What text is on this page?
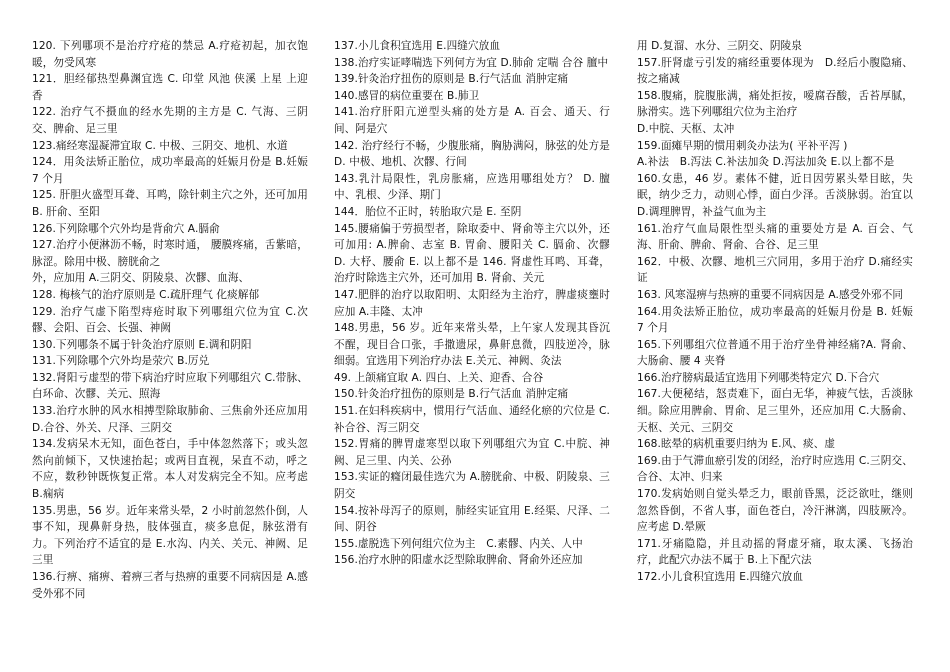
120. 下列哪项不是治疗疗疮的禁忌 A.疗疮初起，加衣饱暖，勿受风寒
121．胆经郁热型鼻渊宜选 C. 印堂 风池 侠溪 上星 上迎香
122. 治疗气不摄血的经水先期的主方是 C. 气海、三阴交、脾俞、足三里
123.痛经寒湿凝滞宜取 C. 中极、三阴交、地机、水道
124．用灸法矫正胎位，成功率最高的妊娠月份是 B.妊娠 7 个月
125. 肝胆火盛型耳聋、耳鸣，除针刺主穴之外，还可加用 B. 肝俞、至阳
126.下列除哪个穴外均是背俞穴 A.膈俞
127.治疗小便淋沥不畅，时寒时通， 腰膜疼痛，舌紫暗，脉涩。除用中极、膀胱俞之
外，应加用 A.三阴交、阴陵泉、次髎、血海、
128. 梅核气的治疗原则是 C.疏肝理气 化痰解郁
129. 治疗气虚下陷型痔疮时取下列哪组穴位为宜 C.次髎、会阳、百会、长强、神阙
130.下列哪条不属于针灸治疗原则 E.调和阴阳
131.下列除哪个穴外均是荥穴 B.厉兑
132.肾阳亏虚型的带下病治疗时应取下列哪组穴 C.带脉、白环命、次髎、关元、照海
133.治疗水肿的风水相搏型除取肺俞、三焦俞外还应加用 D.合谷、外关、尺泽、三阴交
134.发病呆木无知，面色苍白，手中体忽然落下；或头忽然向前倾下，又快速抬起；或两目直视，呆直不动，呼之不应，数秒钟既恢复正常。本人对发病完全不知。应考虑 B.痫病
135.男患，56 岁。近年来常头晕，2 小时前忽然仆倒，人事不知，现鼻鼾身热，肢体强直，痰多息促，脉弦滑有力。下列治疗不适宜的是 E.水沟、内关、关元、神阙、足三里
136.行痹、痛痹、着痹三者与热痹的重要不同病因是 A.感受外邪不同
137.小儿食积宜选用 E.四缝穴放血
138.治疗实证哮喘选下列何方为宜 D.肺俞 定喘 合谷 膻中
139.针灸治疗扭伤的原则是 B.行气活血 消肿定痛
140.感冒的病位重要在 B.肺卫
141.治疗肝阳亢逆型头痛的处方是 A. 百会、通天、行间、阿是穴
142. 治疗经行不畅，少腹胀痛，胸胁满闷，脉弦的处方是 D. 中极、地机、次髎、行间
143.乳汁局限性，乳房胀痛，应选用哪组处方？ D. 膻中、乳根、少泽、期门
144．胎位不正时，转胎取穴是 E. 至阴
145.腰痛偏于劳损型者，除取委中、肾俞等主穴以外，还可加用: A.脾俞、志室 B. 胃俞、腰阳关 C. 膈俞、次髎　D. 大杼、腰俞 E. 以上都不是 146. 肾虚性耳鸣、耳聋，治疗时除选主穴外，还可加用 B. 肾俞、关元
147.肥胖的治疗以取阳明、太阳经为主治疗，脾虚痰壅时应加 A.丰隆、太冲
148.男患，56 岁。近年来常头晕，上午家人发现其昏沉不醒，现目合口张，手撒遗尿，鼻鼾息微，四肢逆冷，脉细弱。宜选用下列治疗办法 E.关元、神阙、灸法
49. 上颌痛宜取 A. 四白、上关、迎香、合谷
150.针灸治疗扭伤的原则是 B.行气活血 消肿定痛
151.在妇科疾病中，惯用行气活血、通经化瘀的穴位是 C. 补合谷、泻三阴交
152.胃痛的脾胃虚寒型以取下列哪组穴为宜 C.中脘、神阙、足三里、内关、公孙
153.实证的癃闭最佳选穴为 A.膀胱俞、中极、阴陵泉、三阴交
154.按补母泻子的原则，肺经实证宜用 E.经渠、尺泽、二间、阴谷
155.虚脱选下列何组穴位为主　C.素髎、内关、人中
156.治疗水肿的阳虚水泛型除取脾俞、肾俞外还应加
用 D.复溜、水分、三阴交、阴陵泉
157.肝肾虚亏引发的痛经重要体现为　D.经后小腹隐痛、按之痛减
158.腹痛，脘腹胀满，痛处拒按，嗳腐吞酸，舌苔厚腻，脉滑实。选下列哪组穴位为主治疗
D.中脘、天枢、太冲
159.面瘫早期的惯用刺灸办法为( 平补平泻 )
A.补法　B.泻法 C.补法加灸 D.泻法加灸 E.以上都不是
160.女患，46 岁。素体不健，近日因劳累头晕目眩，失眠，纳少乏力，动则心悸，面白少泽。舌淡脉弱。治宜以 D.调理脾胃，补益气血为主
161.治疗气血局限性型头痛的重要处方是 A. 百会、气海、肝俞、脾俞、肾俞、合谷、足三里
162．中极、次髎、地机三穴同用，多用于治疗 D.痛经实证
163. 风寒湿痹与热痹的重要不同病因是 A.感受外邪不同
164.用灸法矫正胎位，成功率最高的妊娠月份是 B. 妊娠 7 个月
165.下列哪组穴位普通不用于治疗坐骨神经痛?A. 肾俞、大肠俞、腰 4 夹脊
166.治疗膀病最适宜选用下列哪类特定穴 D.下合穴
167.大便秘结，怒责难下，面白无华，神疲气怯，舌淡脉细。除应用脾俞、胃俞、足三里外，还应加用 C.大肠俞、天枢、关元、三阴交
168.眩晕的病机重要归纳为 E.风、痰、虚
169.由于气滞血瘀引发的闭经，治疗时应选用 C.三阴交、合谷、太冲、归来
170.发病始则自觉头晕乏力，眼前昏黑，泛泛欲吐，继则忽然昏倒，不省人事，面色苍白，冷汗淋漓，四肢厥冷。应考虑 D.晕厥
171.牙痛隐隐，并且动摇的肾虚牙痛，取太溪、飞扬治疗，此配穴办法不属于 B.上下配穴法
172.小儿食积宜选用 E.四缝穴放血
